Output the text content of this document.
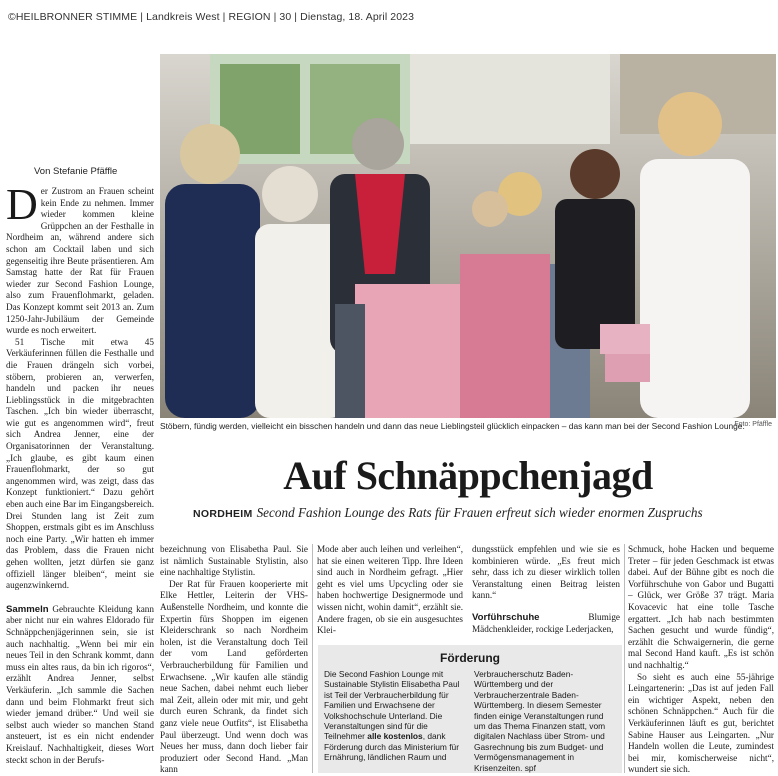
©HEILBRONNER STIMME | Landkreis West | REGION | 30 | Dienstag, 18. April 2023
Von Stefanie Pfäffle

Der Zustrom an Frauen scheint kein Ende zu nehmen. Immer wieder kommen kleine Grüppchen an der Festhalle in Nordheim an, während andere sich schon am Cocktail laben und sich gegenseitig ihre Beute präsentieren. Am Samstag hatte der Rat für Frauen wieder zur Second Fashion Lounge, also zum Frauenflohmarkt, geladen. Das Konzept kommt seit 2013 an. Zum 1250-Jahr-Jubiläum der Gemeinde wurde es noch erweitert.

51 Tische mit etwa 45 Verkäuferinnen füllen die Festhalle und die Frauen drängeln sich vorbei, stöbern, probieren an, verwerfen, handeln und packen ihr neues Lieblingsstück in die mitgebrachten Taschen. „Ich bin wieder überrascht, wie gut es angenommen wird“, freut sich Andrea Jenner, eine der Organisatorinnen der Veranstaltung. „Ich glaube, es gibt kaum einen Frauenflohmarkt, der so gut angenommen wird, was zeigt, dass das Konzept funktioniert.“ Dazu gehört eben auch eine Bar im Eingangsbereich. Drei Stunden lang ist Zeit zum Shoppen, erstmals gibt es im Anschluss noch eine Party. „Wir hatten eh immer das Problem, dass die Frauen nicht gehen wollten, jetzt dürfen sie ganz offiziell länger bleiben“, meint sie augenzwinkernd.

Sammeln Gebrauchte Kleidung kann aber nicht nur ein wahres Eldorado für Schnäppchenjägerinnen sein, sie ist auch nachhaltig. „Wenn bei mir ein neues Teil in den Schrank kommt, dann muss ein altes raus, da bin ich rigoros“, erzählt Andrea Jenner, selbst Verkäuferin. „Ich sammle die Sachen dann und beim Flohmarkt freut sich wieder jemand drüber.“ Und weil sie selbst auch wieder so manchen Stand ansteuert, ist es ein nicht endender Kreislauf. Nachhaltigkeit, dieses Wort steckt schon in der Berufs-

Stöbern, fündig werden, vielleicht ein bisschen handeln und dann das neue Lieblingsteil glücklich einpacken – das kann man bei der Second Fashion Lounge.
Foto: Pfäffle
Auf Schnäppchenjagd
NORDHEIM Second Fashion Lounge des Rats für Frauen erfreut sich wieder enormen Zuspruchs

bezeichnung von Elisabetha Paul. Sie ist nämlich Sustainable Stylistin, also eine nachhaltige Stylistin.

Der Rat für Frauen kooperierte mit Elke Hettler, Leiterin der VHS-Außenstelle Nordheim, und konnte die Expertin fürs Shoppen im eigenen Kleiderschrank so nach Nordheim holen, ist die Veranstaltung doch Teil der vom Land geförderten Verbraucherbildung für Familien und Erwachsene. „Wir kaufen alle ständig neue Sachen, dabei nehmt euch lieber mal Zeit, allein oder mit mir, und geht durch euren Schrank, da findet sich ganz viele neue Outfits“, ist Elisabetha Paul überzeugt. Und wenn doch was Neues her muss, dann doch lieber fair produziert oder Second Hand. „Man kann

Mode aber auch leihen und verleihen“, hat sie einen weiteren Tipp. Ihre Ideen sind auch in Nordheim gefragt. „Hier geht es viel ums Upcycling oder sie haben hochwertige Designermode und wissen nicht, wohin damit“, erzählt sie. Andere fragen, ob sie ein ausgesuchtes Klei-

dungsstück empfehlen und wie sie es kombinieren würde. „Es freut mich sehr, dass ich zu dieser wirklich tollen Veranstaltung einen Beitrag leisten kann.“

Vorführschuhe Blumige Mädchenkleider, rockige Lederjacken,

Schmuck, hohe Hacken und bequeme Treter – für jeden Geschmack ist etwas dabei. Auf der Bühne gibt es noch die Vorführschuhe von Gabor und Bugatti – Glück, wer Größe 37 trägt. Maria Kovacevic hat eine tolle Tasche ergattert. „Ich hab nach bestimmten Sachen gesucht und wurde fündig“, erzählt die Schwaigernerin, die gerne mal Second Hand kauft. „Es ist schön und nachhaltig.“

So sieht es auch eine 55-jährige Leingartenerin: „Das ist auf jeden Fall ein wichtiger Aspekt, neben den schönen Schnäppchen.“ Auch für die Verkäuferinnen läuft es gut, berichtet Sabine Hauser aus Leingarten. „Nur Handeln wollen die Leute, zumindest bei mir, komischerweise nicht“, wundert sie sich.

Förderung
Die Second Fashion Lounge mit Sustainable Stylistin Elisabetha Paul ist Teil der Verbraucherbildung für Familien und Erwachsene der Volkshochschule Unterland. Die Veranstaltungen sind für die Teilnehmer alle kostenlos, dank Förderung durch das Ministerium für Ernährung, ländlichen Raum und
Verbraucherschutz Baden-Württemberg und der Verbraucherzentrale Baden-Württemberg. In diesem Semester finden einige Veranstaltungen rund um das Thema Finanzen statt, vom digitalen Nachlass über Strom- und Gasrechnung bis zum Budget- und Vermögensmanagement in Krisenzeiten. spf
